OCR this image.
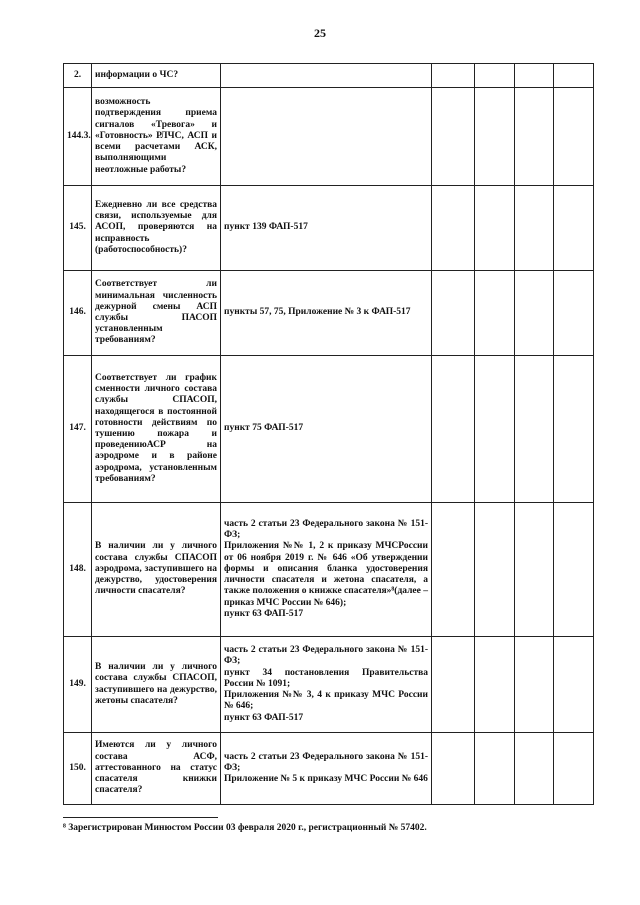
25
2.	информации о ЧС?					
144.3.	возможность подтверждения приема сигналов «Тревога» и «Готовность» РЛЧС, АСП и всеми расчетами АСК, выполняющими неотложные работы?					
145.	Ежедневно ли все средства связи, используемые для АСОП, проверяются на исправность (работоспособность)?	пункт 139 ФАП-517				

146.	Соответствует ли минимальная численность дежурной смены АСП службы ПАСОП установленным требованиям?	пункты 57, 75, Приложение № 3 к ФАП-517				

147.	Соответствует ли график сменности личного состава службы СПАСОП, находящегося в постоянной готовности действиям по тушению пожара и проведениюАСР на аэродроме и в районе аэродрома, установленным требованиям?	пункт 75 ФАП-517				

148.	В наличии ли у личного состава службы СПАСОП аэродрома, заступившего на дежурство, удостоверения личности спасателя?	часть 2 статьи 23 Федерального закона № 151-ФЗ;
Приложения №№ 1, 2 к приказу МЧСРоссии от 06 ноября 2019 г. № 646 «Об утверждении формы и описания бланка удостоверения личности спасателя и жетона спасателя, а также положения о книжке спасателя»⁸(далее – приказ МЧС России № 646);
пункт 63 ФАП-517				

149.	В наличии ли у личного состава службы СПАСОП, заступившего на дежурство, жетоны спасателя?	часть 2 статьи 23 Федерального закона № 151-ФЗ;
пункт 34 постановления Правительства России № 1091;
Приложения №№ 3, 4 к приказу МЧС России № 646;
пункт 63 ФАП-517				

150.	Имеются ли у личного состава АСФ, аттестованного на статус спасателя книжки спасателя?	часть 2 статьи 23 Федерального закона № 151-ФЗ;
Приложение № 5 к приказу МЧС России № 646				

⁸ Зарегистрирован Минюстом России 03 февраля 2020 г., регистрационный № 57402.
